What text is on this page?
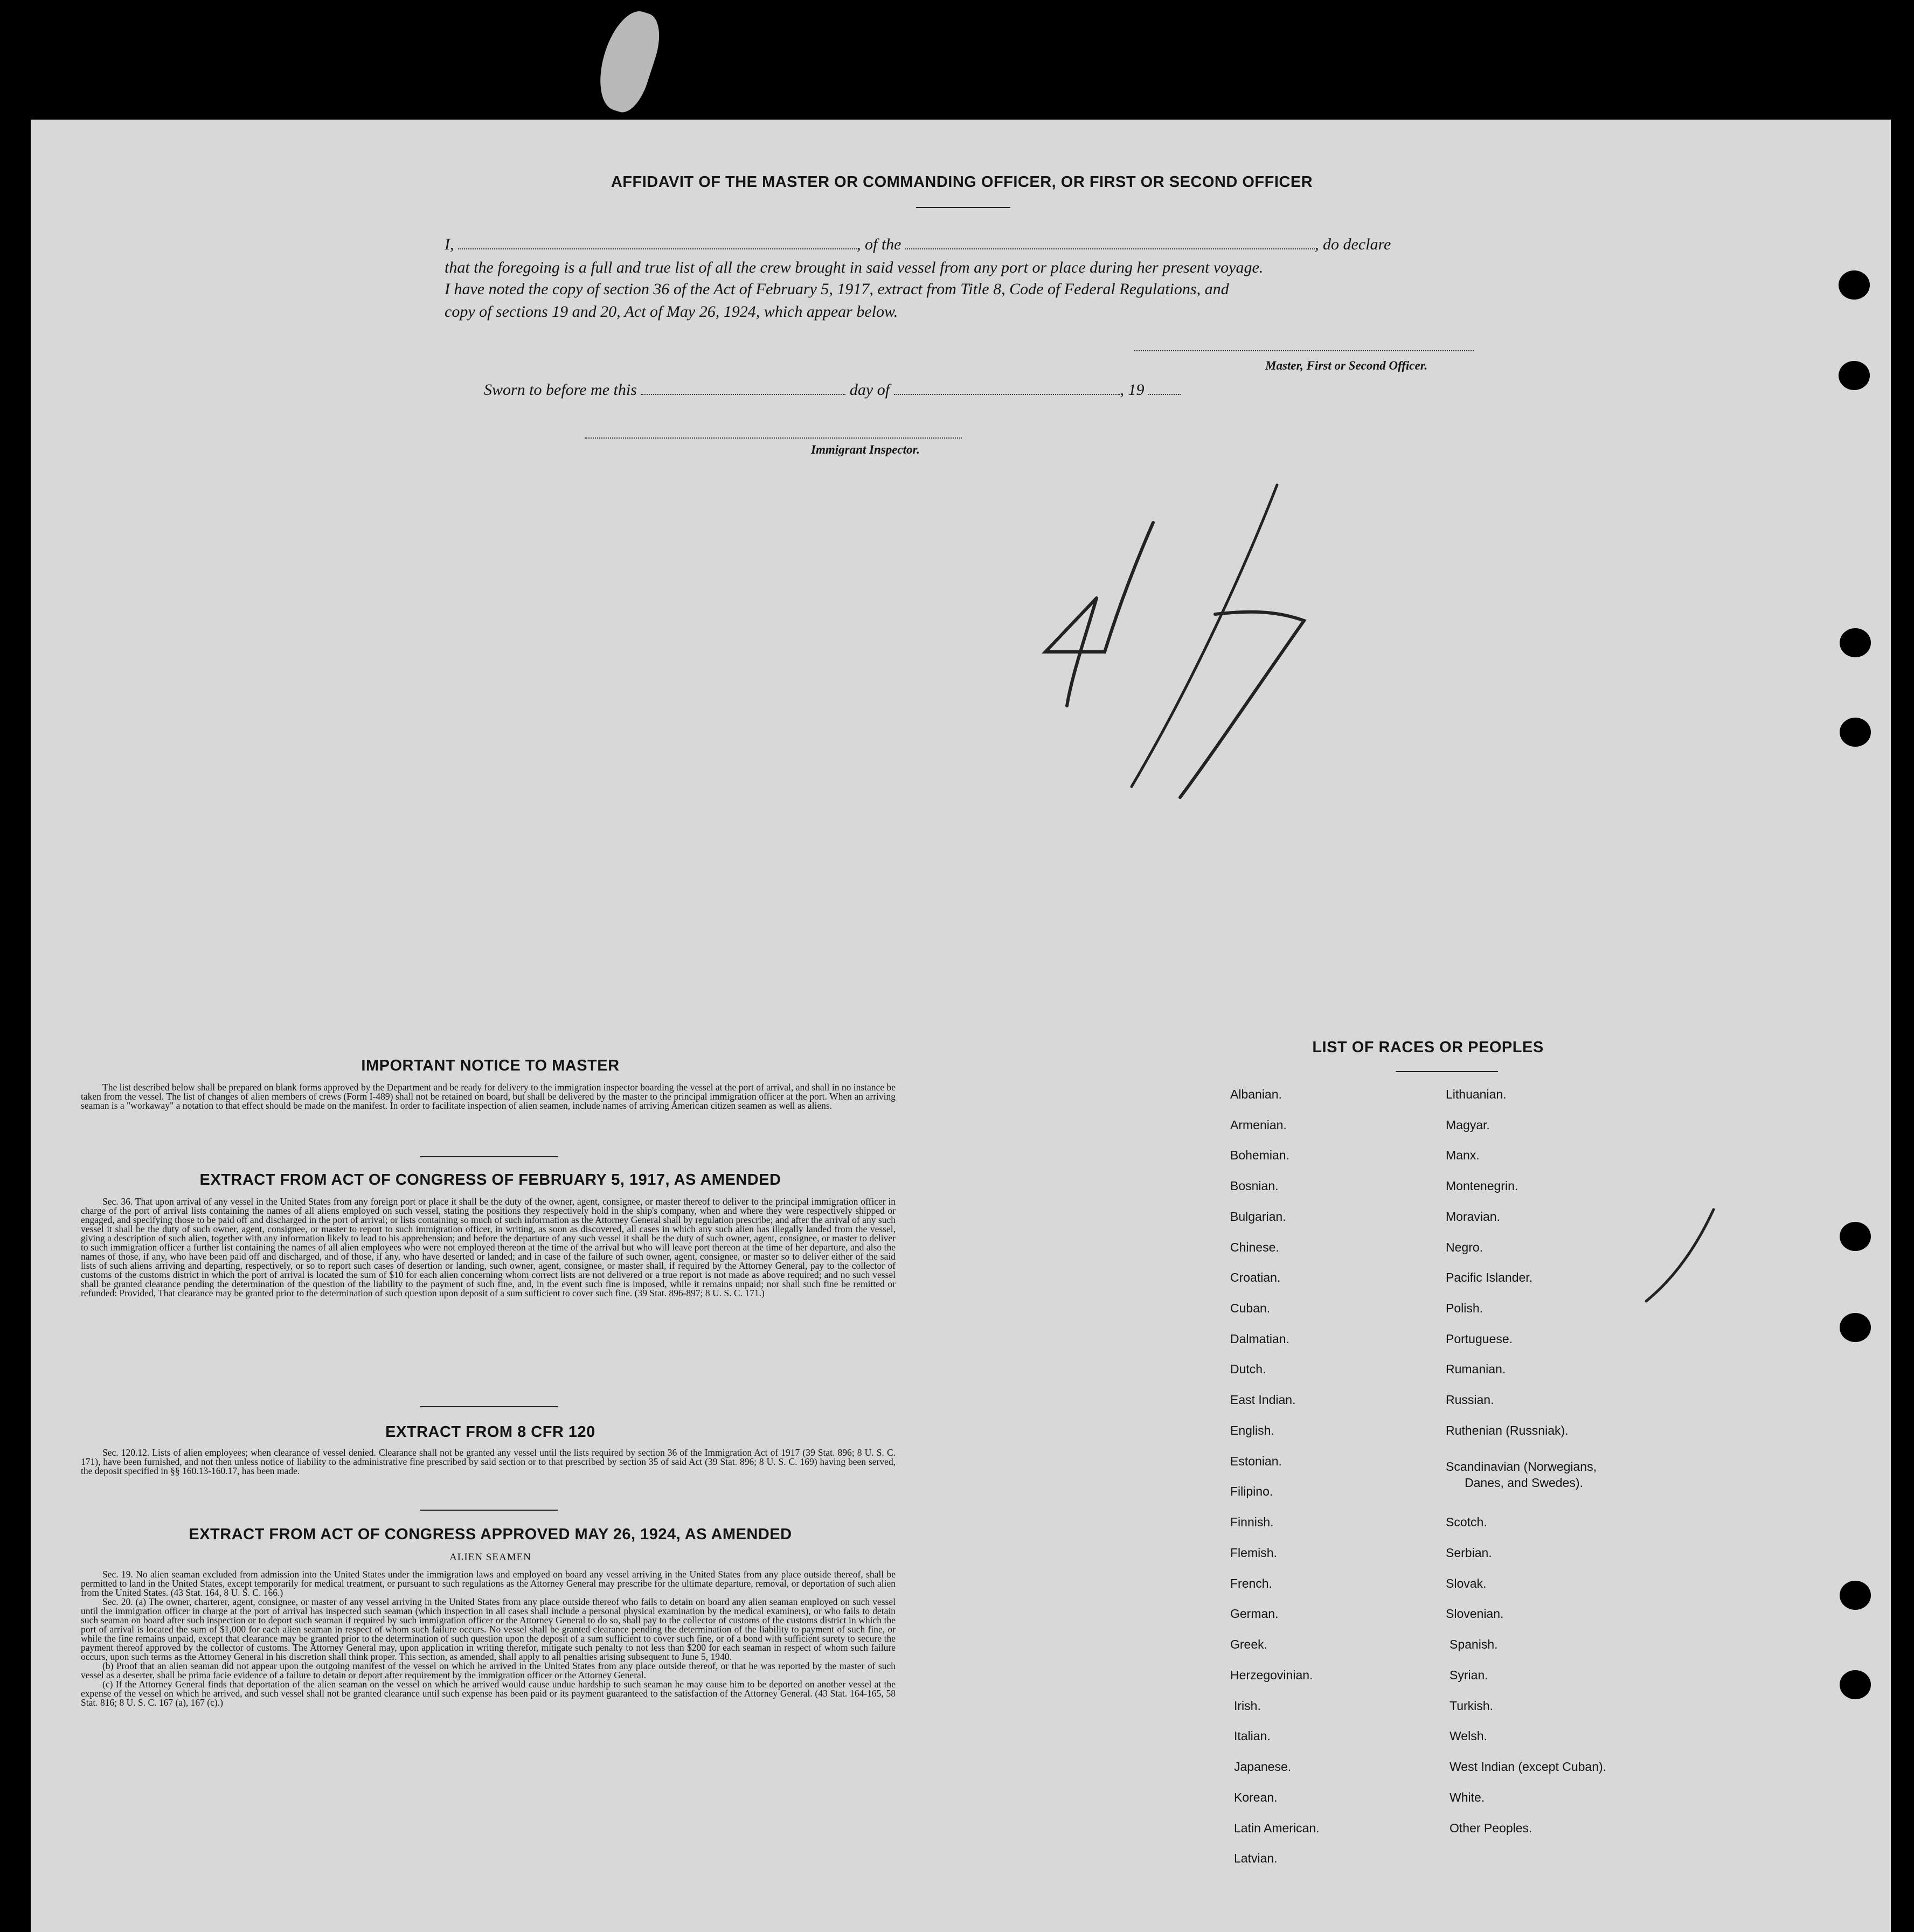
AFFIDAVIT OF THE MASTER OR COMMANDING OFFICER, OR FIRST OR SECOND OFFICER
I,	, of the	, do declare
that the foregoing is a full and true list of all the crew brought in said vessel from any port or place during her present voyage.
I have noted the copy of section 36 of the Act of February 5, 1917, extract from Title 8, Code of Federal Regulations, and
copy of sections 19 and 20, Act of May 26, 1924, which appear below.
Master, First or Second Officer.
Sworn to before me this	day of	, 19
Immigrant Inspector.
IMPORTANT NOTICE TO MASTER

The list described below shall be prepared on blank forms approved by the Department and be ready for delivery to the immigration inspector boarding the vessel at the port of arrival, and shall in no instance be taken from the vessel. The list of changes of alien members of crews (Form I-489) shall not be retained on board, but shall be delivered by the master to the principal immigration officer at the port. When an arriving seaman is a "workaway" a notation to that effect should be made on the manifest. In order to facilitate inspection of alien seamen, include names of arriving American citizen seamen as well as aliens.

EXTRACT FROM ACT OF CONGRESS OF FEBRUARY 5, 1917, AS AMENDED

Sec. 36. That upon arrival of any vessel in the United States from any foreign port or place it shall be the duty of the owner, agent, consignee, or master thereof to deliver to the principal immigration officer in charge of the port of arrival lists containing the names of all aliens employed on such vessel, stating the positions they respectively hold in the ship's company, when and where they were respectively shipped or engaged, and specifying those to be paid off and discharged in the port of arrival; or lists containing so much of such information as the Attorney General shall by regulation prescribe; and after the arrival of any such vessel it shall be the duty of such owner, agent, consignee, or master to report to such immigration officer, in writing, as soon as discovered, all cases in which any such alien has illegally landed from the vessel, giving a description of such alien, together with any information likely to lead to his apprehension; and before the departure of any such vessel it shall be the duty of such owner, agent, consignee, or master to deliver to such immigration officer a further list containing the names of all alien employees who were not employed thereon at the time of the arrival but who will leave port thereon at the time of her departure, and also the names of those, if any, who have been paid off and discharged, and of those, if any, who have deserted or landed; and in case of the failure of such owner, agent, consignee, or master so to deliver either of the said lists of such aliens arriving and departing, respectively, or so to report such cases of desertion or landing, such owner, agent, consignee, or master shall, if required by the Attorney General, pay to the collector of customs of the customs district in which the port of arrival is located the sum of $10 for each alien concerning whom correct lists are not delivered or a true report is not made as above required; and no such vessel shall be granted clearance pending the determination of the question of the liability to the payment of such fine, and, in the event such fine is imposed, while it remains unpaid; nor shall such fine be remitted or refunded: Provided, That clearance may be granted prior to the determination of such question upon deposit of a sum sufficient to cover such fine. (39 Stat. 896-897; 8 U. S. C. 171.)

EXTRACT FROM 8 CFR 120

Sec. 120.12. Lists of alien employees; when clearance of vessel denied. Clearance shall not be granted any vessel until the lists required by section 36 of the Immigration Act of 1917 (39 Stat. 896; 8 U. S. C. 171), have been furnished, and not then unless notice of liability to the administrative fine prescribed by said section or to that prescribed by section 35 of said Act (39 Stat. 896; 8 U. S. C. 169) having been served, the deposit specified in §§ 160.13-160.17, has been made.

EXTRACT FROM ACT OF CONGRESS APPROVED MAY 26, 1924, AS AMENDED
ALIEN SEAMEN

Sec. 19. No alien seaman excluded from admission into the United States under the immigration laws and employed on board any vessel arriving in the United States from any place outside thereof, shall be permitted to land in the United States, except temporarily for medical treatment, or pursuant to such regulations as the Attorney General may prescribe for the ultimate departure, removal, or deportation of such alien from the United States. (43 Stat. 164, 8 U. S. C. 166.)

Sec. 20. (a) The owner, charterer, agent, consignee, or master of any vessel arriving in the United States from any place outside thereof who fails to detain on board any alien seaman employed on such vessel until the immigration officer in charge at the port of arrival has inspected such seaman (which inspection in all cases shall include a personal physical examination by the medical examiners), or who fails to detain such seaman on board after such inspection or to deport such seaman if required by such immigration officer or the Attorney General to do so, shall pay to the collector of customs of the customs district in which the port of arrival is located the sum of $1,000 for each alien seaman in respect of whom such failure occurs. No vessel shall be granted clearance pending the determination of the liability to payment of such fine, or while the fine remains unpaid, except that clearance may be granted prior to the determination of such question upon the deposit of a sum sufficient to cover such fine, or of a bond with sufficient surety to secure the payment thereof approved by the collector of customs. The Attorney General may, upon application in writing therefor, mitigate such penalty to not less than $200 for each seaman in respect of whom such failure occurs, upon such terms as the Attorney General in his discretion shall think proper. This section, as amended, shall apply to all penalties arising subsequent to June 5, 1940.

(b) Proof that an alien seaman did not appear upon the outgoing manifest of the vessel on which he arrived in the United States from any place outside thereof, or that he was reported by the master of such vessel as a deserter, shall be prima facie evidence of a failure to detain or deport after requirement by the immigration officer or the Attorney General.

(c) If the Attorney General finds that deportation of the alien seaman on the vessel on which he arrived would cause undue hardship to such seaman he may cause him to be deported on another vessel at the expense of the vessel on which he arrived, and such vessel shall not be granted clearance until such expense has been paid or its payment guaranteed to the satisfaction of the Attorney General. (43 Stat. 164-165, 58 Stat. 816; 8 U. S. C. 167 (a), 167 (c).)

LIST OF RACES OR PEOPLES
Albanian.
Armenian.
Bohemian.
Bosnian.
Bulgarian.
Chinese.
Croatian.
Cuban.
Dalmatian.
Dutch.
East Indian.
English.
Estonian.
Filipino.
Finnish.
Flemish.
French.
German.
Greek.
Herzegovinian.
Irish.
Italian.
Japanese.
Korean.
Latin American.
Latvian.
Lithuanian.
Magyar.
Manx.
Montenegrin.
Moravian.
Negro.
Pacific Islander.
Polish.
Portuguese.
Rumanian.
Russian.
Ruthenian (Russniak).
Scandinavian (Norwegians,
Danes, and Swedes).
Scotch.
Serbian.
Slovak.
Slovenian.
Spanish.
Syrian.
Turkish.
Welsh.
West Indian (except Cuban).
White.
Other Peoples.
